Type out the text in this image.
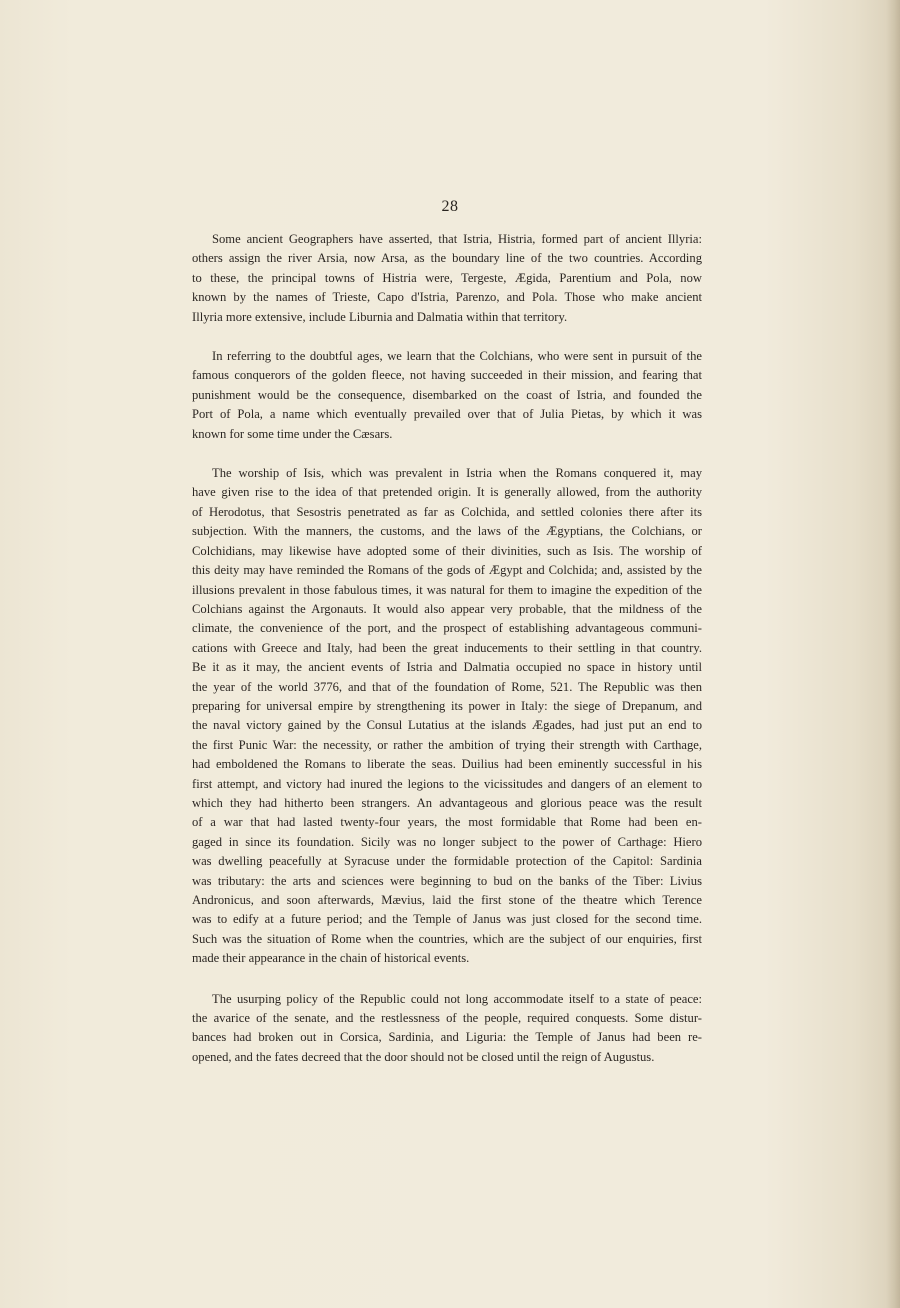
28
Some ancient Geographers have asserted, that Istria, Histria, formed part of ancient Illyria:
others assign the river Arsia, now Arsa, as the boundary line of the two countries. According
to these, the principal towns of Histria were, Tergeste, Ægida, Parentium and Pola, now
known by the names of Trieste, Capo d'Istria, Parenzo, and Pola. Those who make ancient
Illyria more extensive, include Liburnia and Dalmatia within that territory.
In referring to the doubtful ages, we learn that the Colchians, who were sent in pursuit of the
famous conquerors of the golden fleece, not having succeeded in their mission, and fearing that
punishment would be the consequence, disembarked on the coast of Istria, and founded the
Port of Pola, a name which eventually prevailed over that of Julia Pietas, by which it was
known for some time under the Cæsars.
The worship of Isis, which was prevalent in Istria when the Romans conquered it, may
have given rise to the idea of that pretended origin. It is generally allowed, from the authority
of Herodotus, that Sesostris penetrated as far as Colchida, and settled colonies there after its
subjection. With the manners, the customs, and the laws of the Ægyptians, the Colchians, or
Colchidians, may likewise have adopted some of their divinities, such as Isis. The worship of
this deity may have reminded the Romans of the gods of Ægypt and Colchida; and, assisted by the
illusions prevalent in those fabulous times, it was natural for them to imagine the expedition of the
Colchians against the Argonauts. It would also appear very probable, that the mildness of the
climate, the convenience of the port, and the prospect of establishing advantageous communi-
cations with Greece and Italy, had been the great inducements to their settling in that country.
Be it as it may, the ancient events of Istria and Dalmatia occupied no space in history until
the year of the world 3776, and that of the foundation of Rome, 521. The Republic was then
preparing for universal empire by strengthening its power in Italy: the siege of Drepanum, and
the naval victory gained by the Consul Lutatius at the islands Ægades, had just put an end to
the first Punic War: the necessity, or rather the ambition of trying their strength with Carthage,
had emboldened the Romans to liberate the seas. Duilius had been eminently successful in his
first attempt, and victory had inured the legions to the vicissitudes and dangers of an element to
which they had hitherto been strangers. An advantageous and glorious peace was the result
of a war that had lasted twenty-four years, the most formidable that Rome had been en-
gaged in since its foundation. Sicily was no longer subject to the power of Carthage: Hiero
was dwelling peacefully at Syracuse under the formidable protection of the Capitol: Sardinia
was tributary: the arts and sciences were beginning to bud on the banks of the Tiber: Livius
Andronicus, and soon afterwards, Mævius, laid the first stone of the theatre which Terence
was to edify at a future period; and the Temple of Janus was just closed for the second time.
Such was the situation of Rome when the countries, which are the subject of our enquiries, first
made their appearance in the chain of historical events.
The usurping policy of the Republic could not long accommodate itself to a state of peace:
the avarice of the senate, and the restlessness of the people, required conquests. Some distur-
bances had broken out in Corsica, Sardinia, and Liguria: the Temple of Janus had been re-
opened, and the fates decreed that the door should not be closed until the reign of Augustus.
